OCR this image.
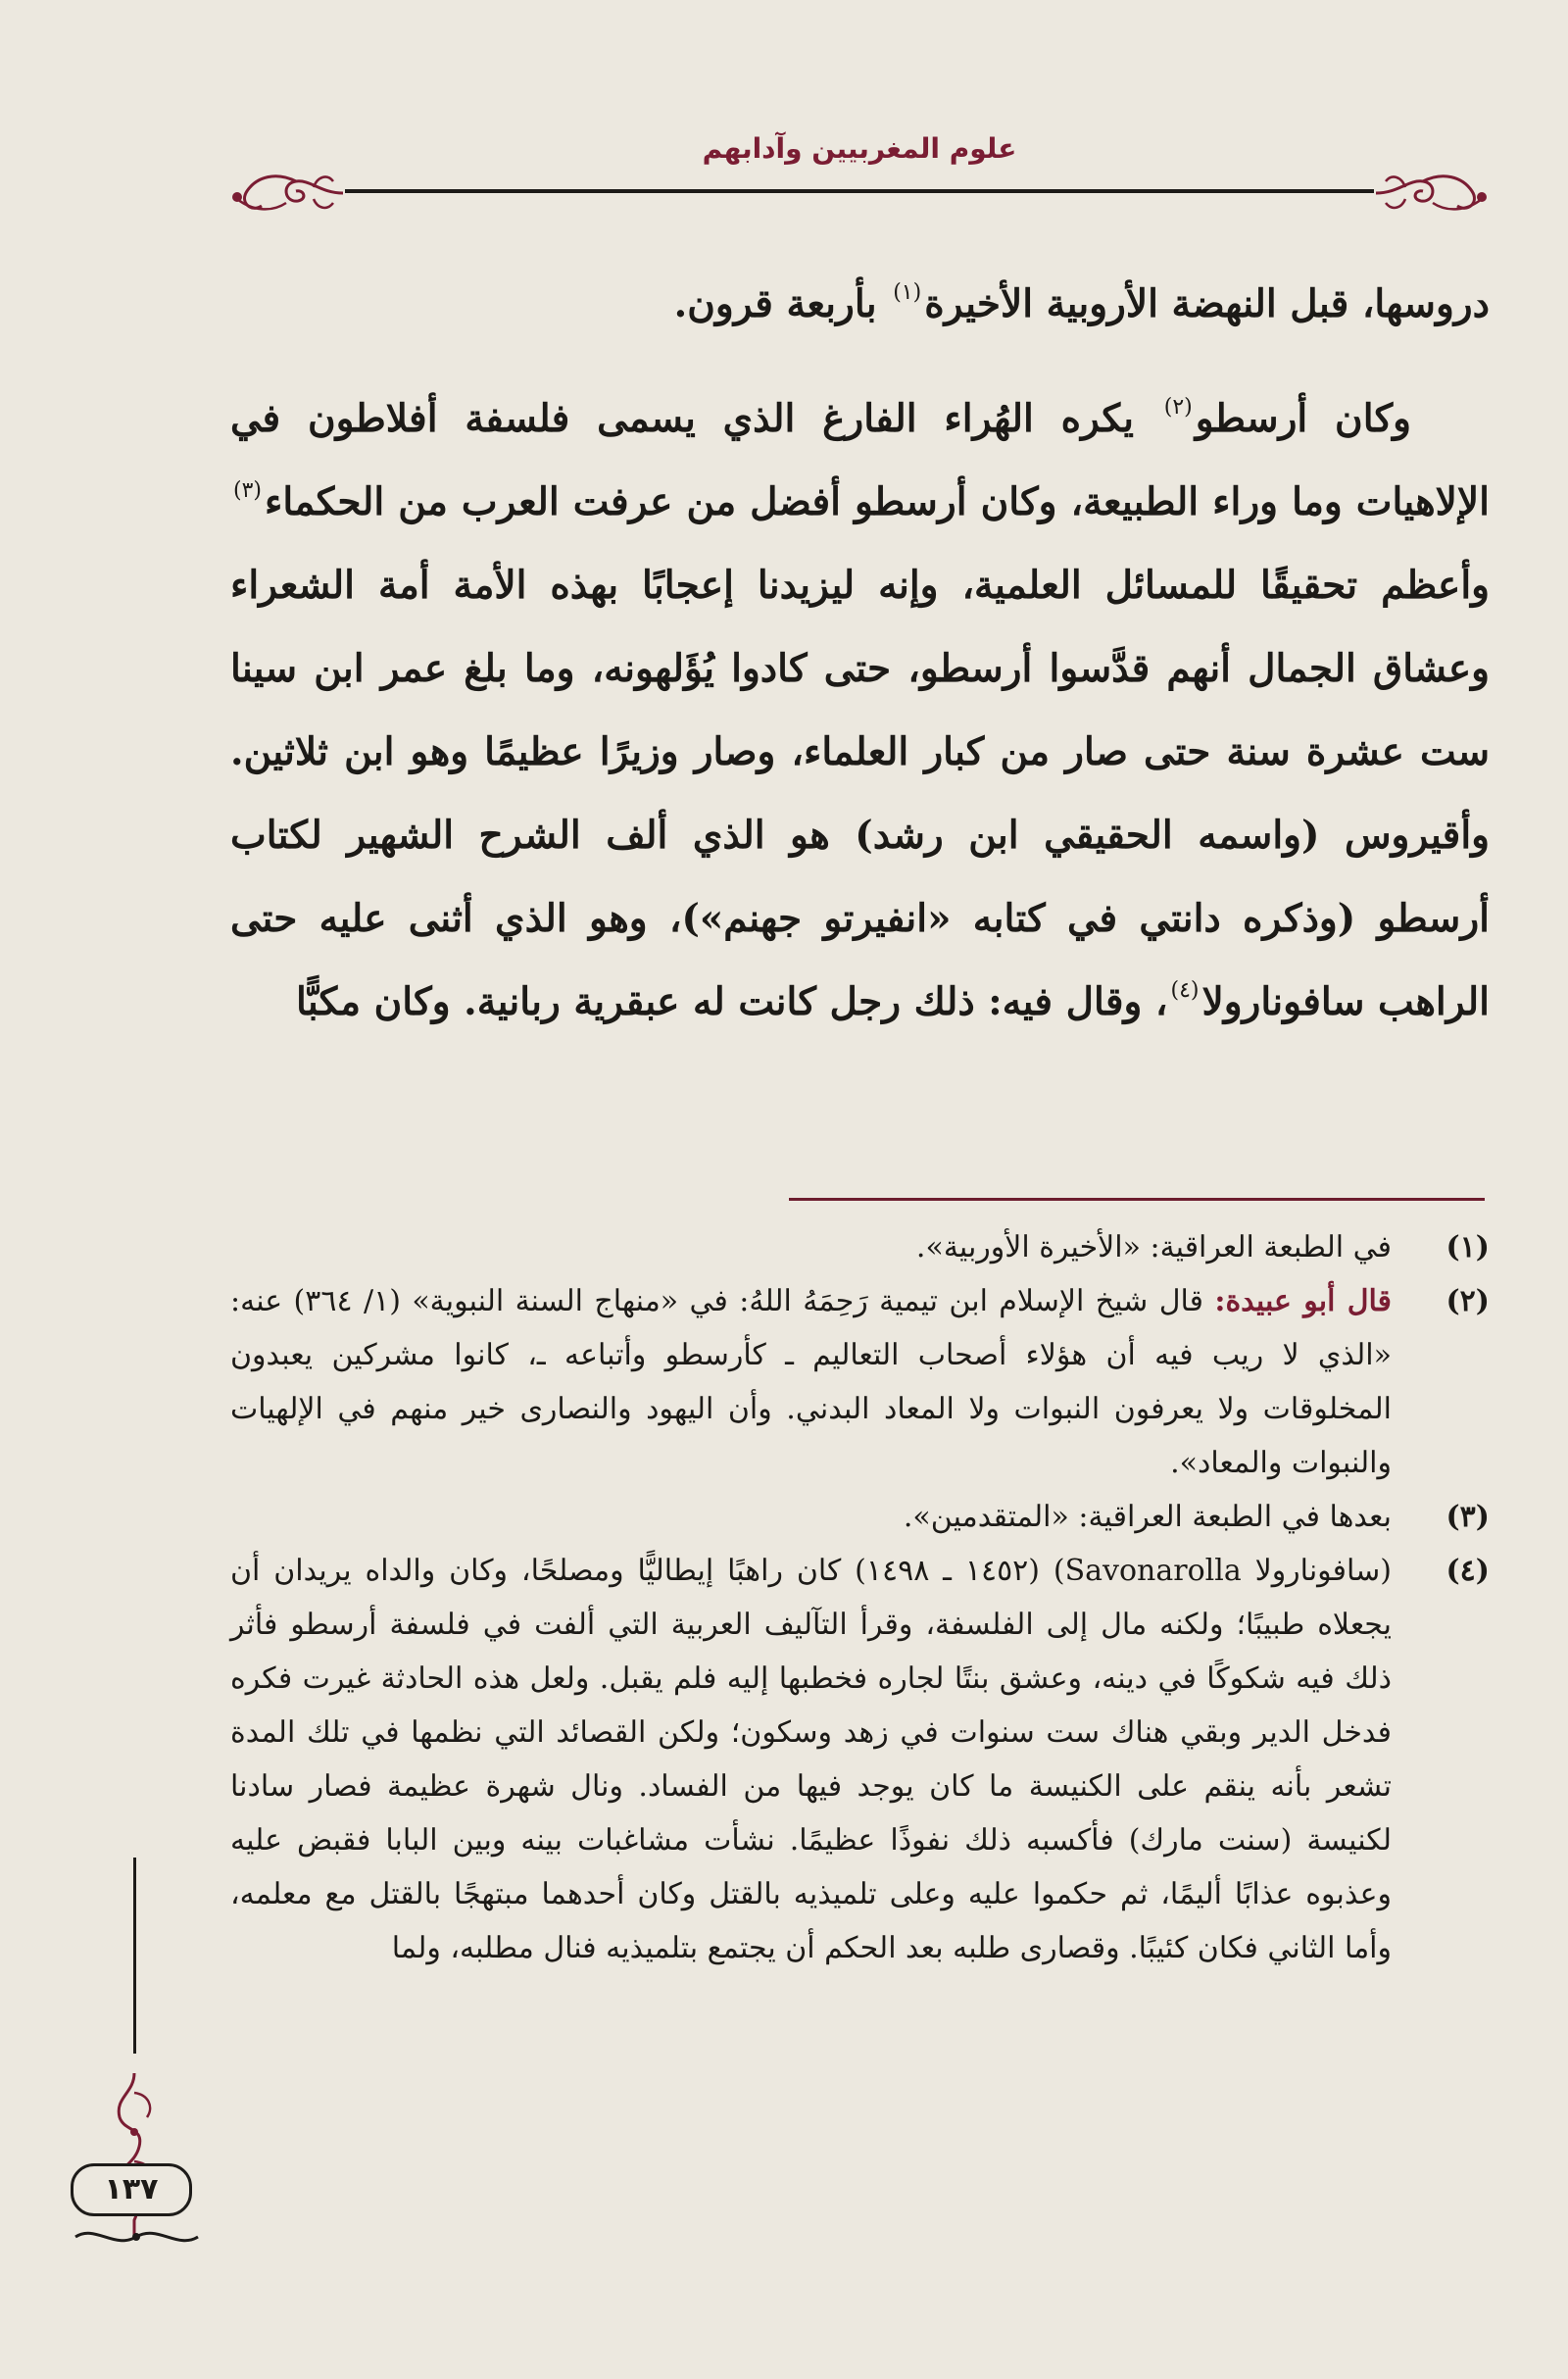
علوم المغربيين وآدابهم

دروسها، قبل النهضة الأروبية الأخيرة$^{(١)}$ بأربعة قرون.

وكان أرسطو$^{(٢)}$ يكره الهُراء الفارغ الذي يسمى فلسفة أفلاطون في الإلاهيات وما وراء الطبيعة، وكان أرسطو أفضل من عرفت العرب من الحكماء$^{(٣)}$ وأعظم تحقيقًا للمسائل العلمية، وإنه ليزيدنا إعجابًا بهذه الأمة أمة الشعراء وعشاق الجمال أنهم قدَّسوا أرسطو، حتى كادوا يُؤَلهونه، وما بلغ عمر ابن سينا ست عشرة سنة حتى صار من كبار العلماء، وصار وزيرًا عظيمًا وهو ابن ثلاثين. وأقيروس (واسمه الحقيقي ابن رشد) هو الذي ألف الشرح الشهير لكتاب أرسطو (وذكره دانتي في كتابه «انفيرتو جهنم»)، وهو الذي أثنى عليه حتى الراهب سافونارولا$^{(٤)}$، وقال فيه: ذلك رجل كانت له عبقرية ربانية. وكان مكبًّا

(١)
في الطبعة العراقية: «الأخيرة الأوربية».
(٢)
قال أبو عبيدة: قال شيخ الإسلام ابن تيمية رَحِمَهُ اللهُ: في «منهاج السنة النبوية» (١/ ٣٦٤) عنه: «الذي لا ريب فيه أن هؤلاء أصحاب التعاليم ـ كأرسطو وأتباعه ـ، كانوا مشركين يعبدون المخلوقات ولا يعرفون النبوات ولا المعاد البدني. وأن اليهود والنصارى خير منهم في الإلهيات والنبوات والمعاد».
(٣)
بعدها في الطبعة العراقية: «المتقدمين».
(٤)
(سافونارولا Savonarolla) (١٤٥٢ ـ ١٤٩٨) كان راهبًا إيطاليًّا ومصلحًا، وكان والداه يريدان أن يجعلاه طبيبًا؛ ولكنه مال إلى الفلسفة، وقرأ التآليف العربية التي ألفت في فلسفة أرسطو فأثر ذلك فيه شكوكًا في دينه، وعشق بنتًا لجاره فخطبها إليه فلم يقبل. ولعل هذه الحادثة غيرت فكره فدخل الدير وبقي هناك ست سنوات في زهد وسكون؛ ولكن القصائد التي نظمها في تلك المدة تشعر بأنه ينقم على الكنيسة ما كان يوجد فيها من الفساد. ونال شهرة عظيمة فصار سادنا لكنيسة (سنت مارك) فأكسبه ذلك نفوذًا عظيمًا. نشأت مشاغبات بينه وبين البابا فقبض عليه وعذبوه عذابًا أليمًا، ثم حكموا عليه وعلى تلميذيه بالقتل وكان أحدهما مبتهجًا بالقتل مع معلمه، وأما الثاني فكان كئيبًا. وقصارى طلبه بعد الحكم أن يجتمع بتلميذيه فنال مطلبه، ولما
١٣٧
